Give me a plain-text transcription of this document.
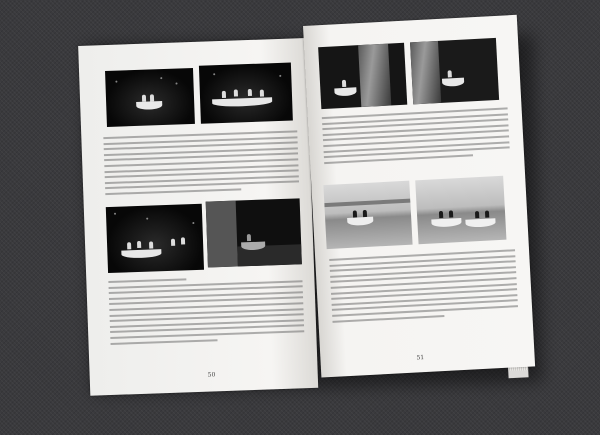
50
51
